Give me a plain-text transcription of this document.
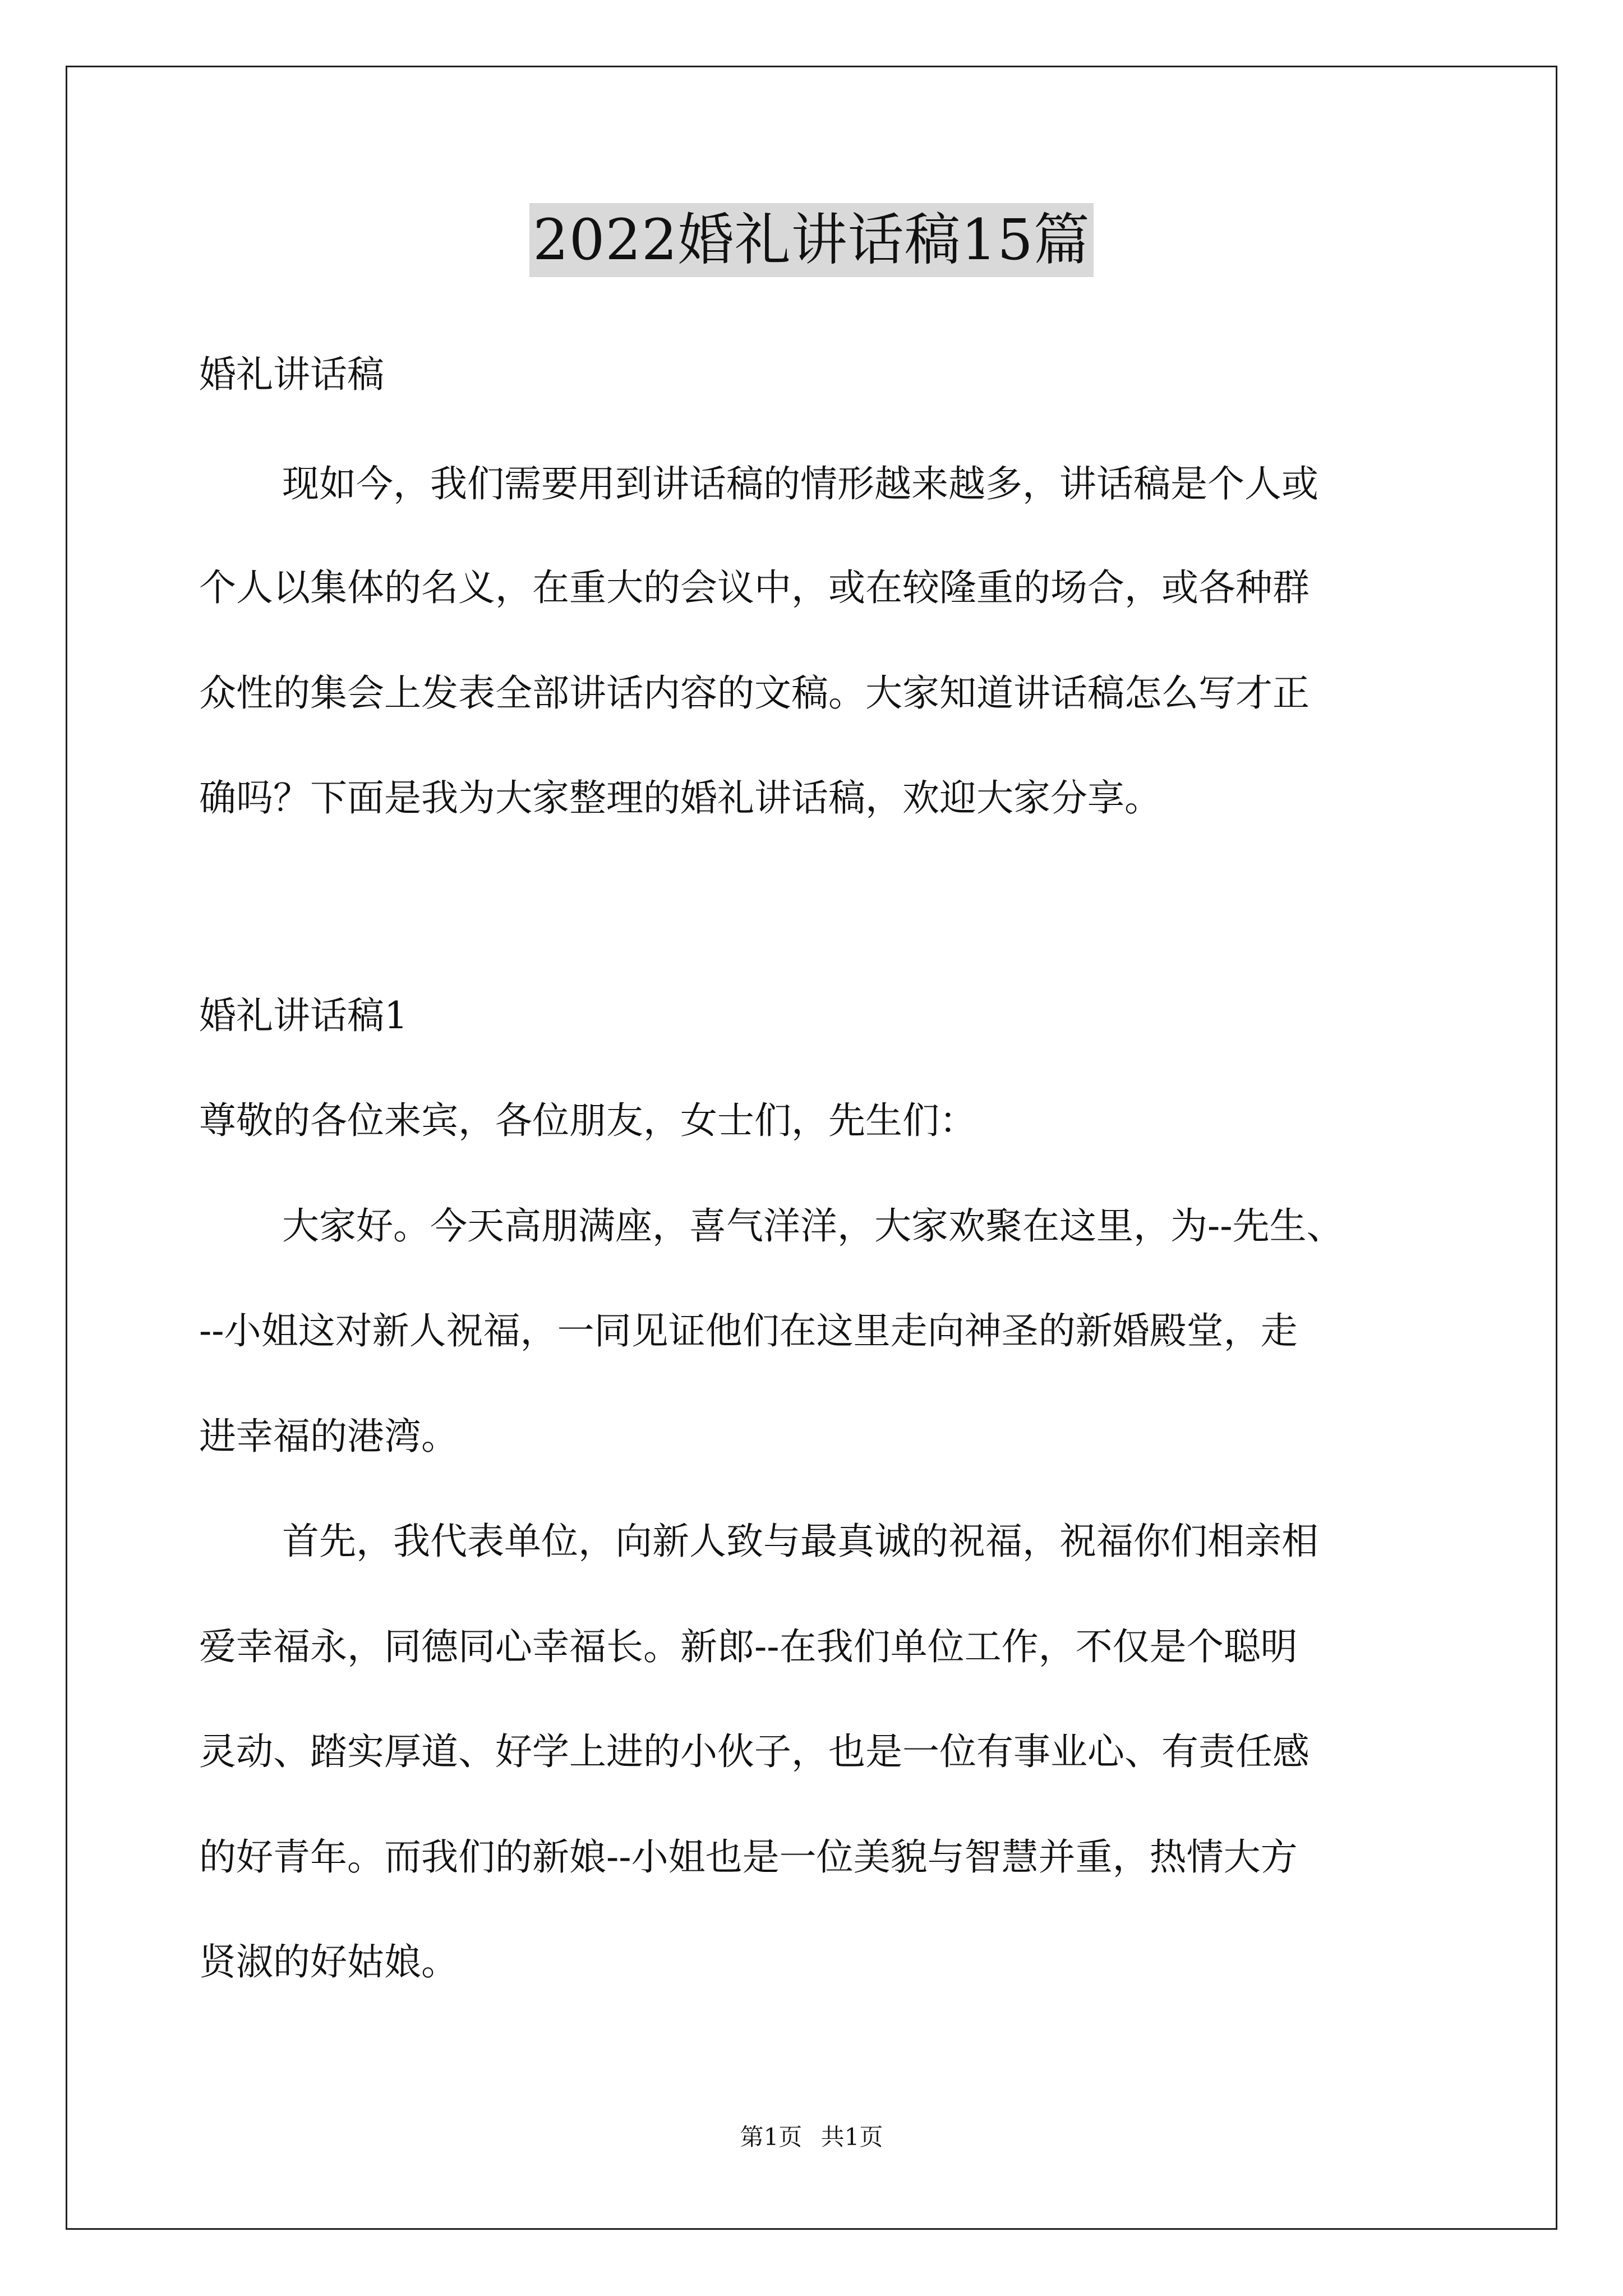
2022婚礼讲话稿15篇
婚礼讲话稿
现如今，我们需要用到讲话稿的情形越来越多，讲话稿是个人或
个人以集体的名义，在重大的会议中，或在较隆重的场合，或各种群
众性的集会上发表全部讲话内容的文稿。大家知道讲话稿怎么写才正
确吗？下面是我为大家整理的婚礼讲话稿，欢迎大家分享。
婚礼讲话稿1
尊敬的各位来宾，各位朋友，女士们，先生们：
大家好。今天高朋满座，喜气洋洋，大家欢聚在这里，为--先生、
--小姐这对新人祝福，一同见证他们在这里走向神圣的新婚殿堂，走
进幸福的港湾。
首先，我代表单位，向新人致与最真诚的祝福，祝福你们相亲相
爱幸福永，同德同心幸福长。新郎--在我们单位工作，不仅是个聪明
灵动、踏实厚道、好学上进的小伙子，也是一位有事业心、有责任感
的好青年。而我们的新娘--小姐也是一位美貌与智慧并重，热情大方
贤淑的好姑娘。
第1页 共1页
